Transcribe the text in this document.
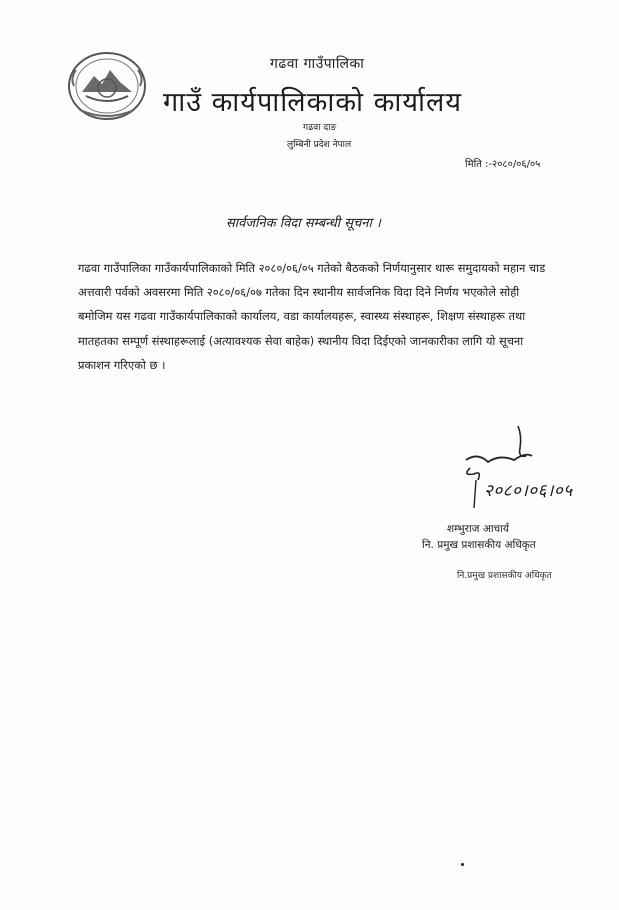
गढवा गाउँपालिका
गाउँ कार्यपालिकाको कार्यालय
गढवा दाङ
लुम्बिनी प्रदेश नेपाल
मिति :-२०८०/०६/०५
सार्वजनिक विदा सम्बन्धी सूचना ।

गढवा गाउँपालिका गाउँकार्यपालिकाको मिति २०८०/०६/०५ गतेको बैठकको निर्णयानुसार थारू समुदायको महान चाड अत्तवारी पर्वको अवसरमा मिति २०८०/०६/०७ गतेका दिन स्थानीय सार्वजनिक विदा दिने निर्णय भएकोले सोही बमोजिम यस गढवा गाउँकार्यपालिकाको कार्यालय, वडा कार्यालयहरू, स्वास्थ्य संस्थाहरू, शिक्षण संस्थाहरू तथा मातहतका सम्पूर्ण संस्थाहरूलाई (अत्यावश्यक सेवा बाहेक) स्थानीय विदा दिईएको जानकारीका लागि यो सूचना प्रकाशन गरिएको छ ।

२०८०।०६।०५
शम्भुराज आचार्य
नि. प्रमुख प्रशासकीय अधिकृत
नि.प्रमुख प्रशासकीय अधिकृत
